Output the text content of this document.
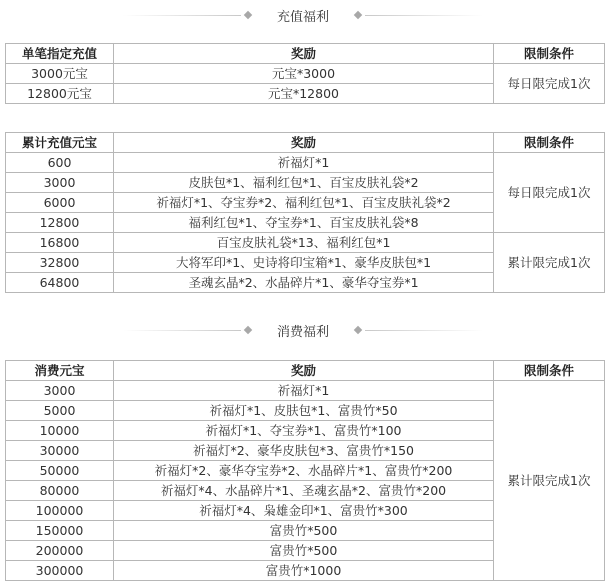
充值福利
单笔指定充值	奖励	限制条件
3000元宝	元宝*3000	每日限完成1次
12800元宝	元宝*12800	
累计充值元宝	奖励	限制条件
600	祈福灯*1	每日限完成1次
3000	皮肤包*1、福利红包*1、百宝皮肤礼袋*2	
6000	祈福灯*1、夺宝券*2、福利红包*1、百宝皮肤礼袋*2	
12800	福利红包*1、夺宝券*1、百宝皮肤礼袋*8	
16800	百宝皮肤礼袋*13、福利红包*1	累计限完成1次
32800	大将军印*1、史诗将印宝箱*1、豪华皮肤包*1	
64800	圣魂玄晶*2、水晶碎片*1、豪华夺宝券*1	
消费福利
消费元宝	奖励	限制条件
3000	祈福灯*1	累计限完成1次
5000	祈福灯*1、皮肤包*1、富贵竹*50	
10000	祈福灯*1、夺宝券*1、富贵竹*100	
30000	祈福灯*2、豪华皮肤包*3、富贵竹*150	
50000	祈福灯*2、豪华夺宝券*2、水晶碎片*1、富贵竹*200	
80000	祈福灯*4、水晶碎片*1、圣魂玄晶*2、富贵竹*200	
100000	祈福灯*4、枭雄金印*1、富贵竹*300	
150000	富贵竹*500	
200000	富贵竹*500	
300000	富贵竹*1000	
